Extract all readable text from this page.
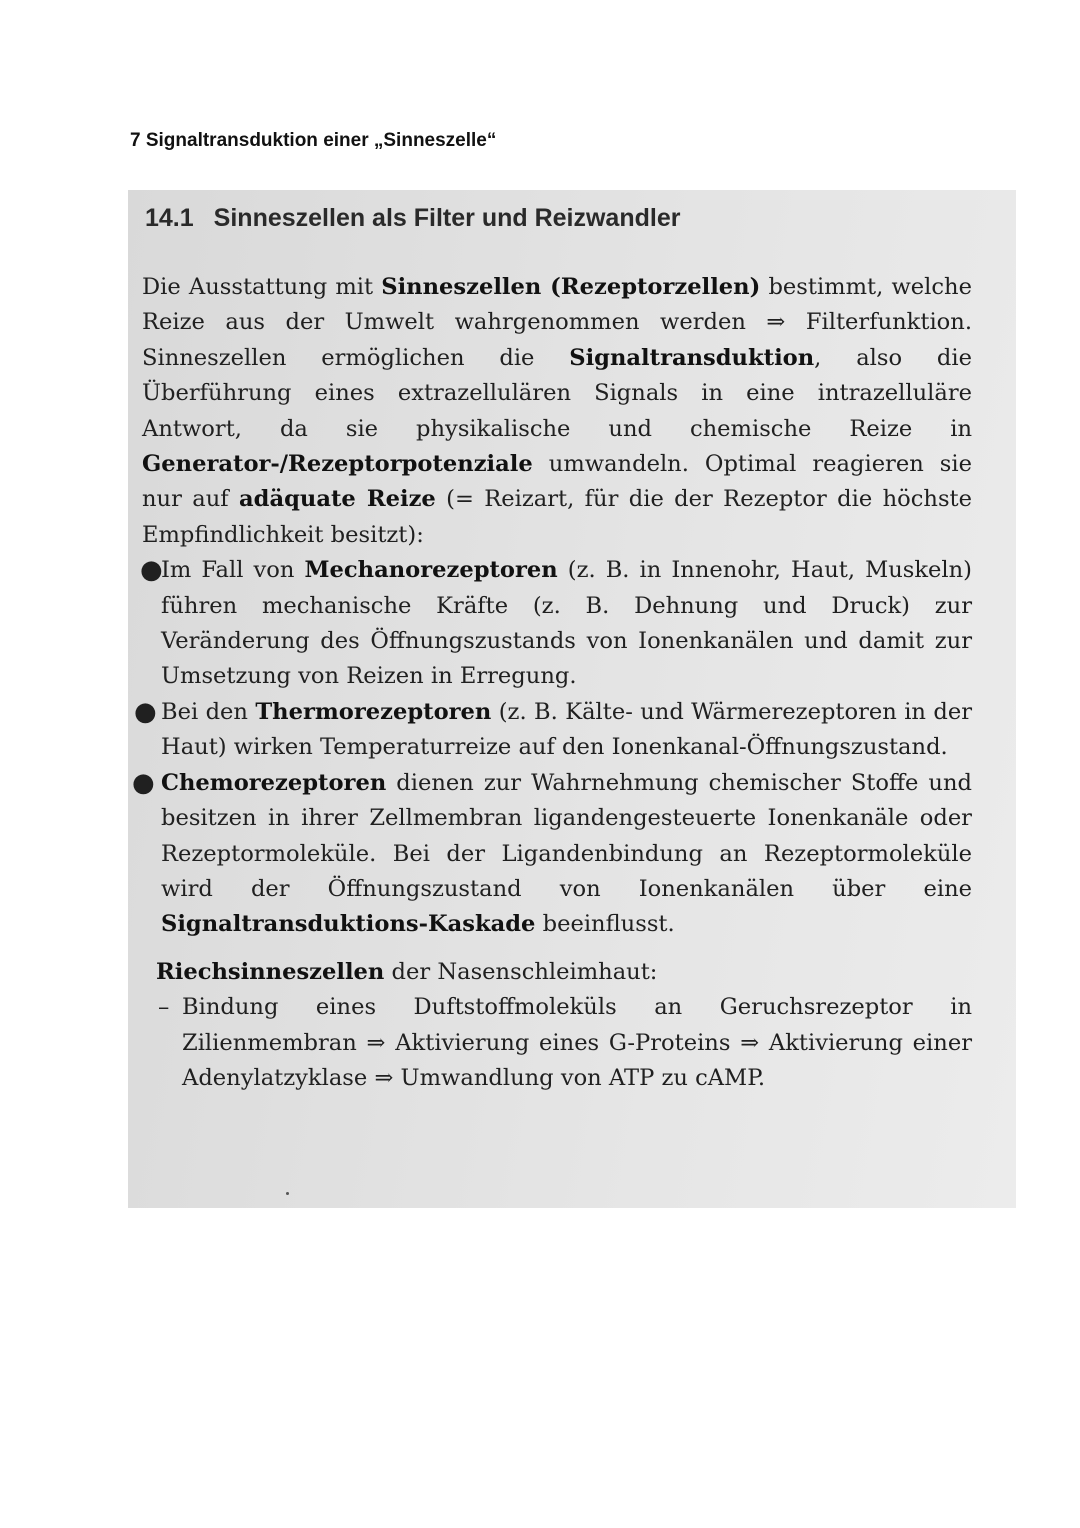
7 Signaltransduktion einer „Sinneszelle“
14.1 Sinneszellen als Filter und Reizwandler

Die Ausstattung mit Sinneszellen (Rezeptorzellen) bestimmt, welche Reize aus der Umwelt wahrgenommen werden ⇒ Filterfunktion. Sinneszellen ermöglichen die Signaltransduktion, also die Überführung eines extrazellulären Signals in eine intrazelluläre Antwort, da sie physikalische und chemische Reize in Generator-/Rezeptorpotenziale umwandeln. Optimal reagieren sie nur auf adäquate Reize (= Reizart, für die der Rezeptor die höchste Empfindlichkeit besitzt):

●
Im Fall von Mechanorezeptoren (z. B. in Innenohr, Haut, Muskeln) führen mechanische Kräfte (z. B. Dehnung und Druck) zur Veränderung des Öffnungszustands von Ionenkanälen und damit zur Umsetzung von Reizen in Erregung.
● Bei den Thermorezeptoren (z. B. Kälte- und Wärmerezeptoren in der Haut) wirken Temperaturreize auf den Ionenkanal-Öffnungszustand.
● Chemorezeptoren dienen zur Wahrnehmung chemischer Stoffe und besitzen in ihrer Zellmembran ligandengesteuerte Ionenkanäle oder Rezeptormoleküle. Bei der Ligandenbindung an Rezeptormoleküle wird der Öffnungszustand von Ionenkanälen über eine Signaltransduktions-Kaskade beeinflusst.

Riechsinneszellen der Nasenschleimhaut:

– Bindung eines Duftstoffmoleküls an Geruchsrezeptor in Zilienmembran ⇒ Aktivierung eines G-Proteins ⇒ Aktivierung einer Adenylatzyklase ⇒ Umwandlung von ATP zu cAMP.
